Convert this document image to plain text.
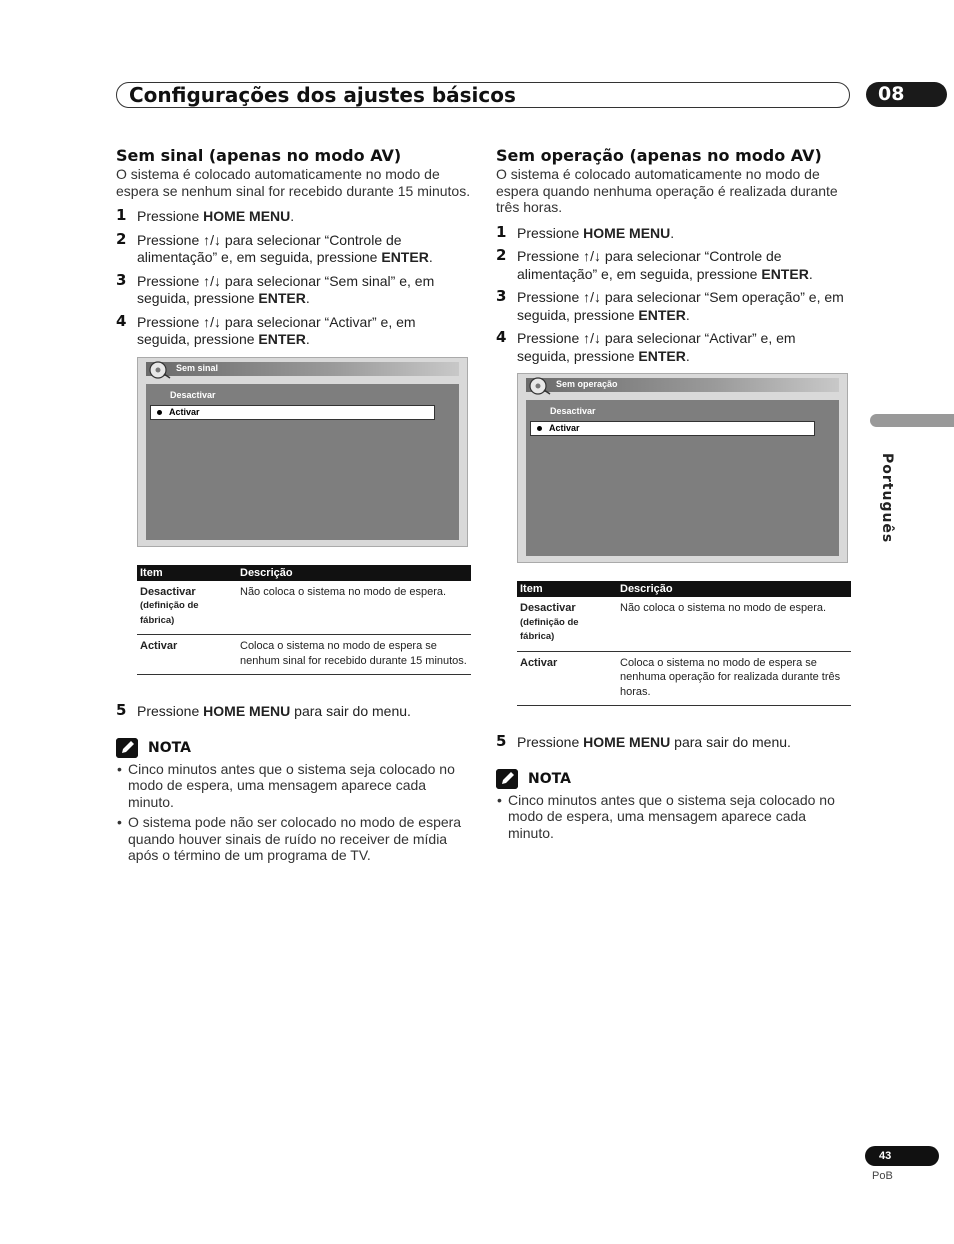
Configurações dos ajustes básicos	08
Sem sinal (apenas no modo AV)
O sistema é colocado automaticamente no modo de espera se nenhum sinal for recebido durante 15 minutos.
1 Pressione HOME MENU.
2 Pressione ↑/↓ para selecionar “Controle de alimentação” e, em seguida, pressione ENTER.
3 Pressione ↑/↓ para selecionar “Sem sinal” e, em seguida, pressione ENTER.
4 Pressione ↑/↓ para selecionar “Activar” e, em seguida, pressione ENTER.
Sem sinal
Desactivar
Activar
Item	Descrição
Desactivar
(definição de fábrica)	Não coloca o sistema no modo de espera.
Activar	Coloca o sistema no modo de espera se nenhum sinal for recebido durante 15 minutos.
5 Pressione HOME MENU para sair do menu.
NOTA
• Cinco minutos antes que o sistema seja colocado no modo de espera, uma mensagem aparece cada minuto.
• O sistema pode não ser colocado no modo de espera quando houver sinais de ruído no receiver de mídia após o término de um programa de TV.
Sem operação (apenas no modo AV)
O sistema é colocado automaticamente no modo de espera quando nenhuma operação é realizada durante três horas.
1 Pressione HOME MENU.
2 Pressione ↑/↓ para selecionar “Controle de alimentação” e, em seguida, pressione ENTER.
3 Pressione ↑/↓ para selecionar “Sem operação” e, em seguida, pressione ENTER.
4 Pressione ↑/↓ para selecionar “Activar” e, em seguida, pressione ENTER.
Sem operação
Desactivar
Activar
Item	Descrição
Desactivar
(definição de fábrica)	Não coloca o sistema no modo de espera.
Activar	Coloca o sistema no modo de espera se nenhuma operação for realizada durante três horas.
5 Pressione HOME MENU para sair do menu.
NOTA
• Cinco minutos antes que o sistema seja colocado no modo de espera, uma mensagem aparece cada minuto.
Português
43
PoB
